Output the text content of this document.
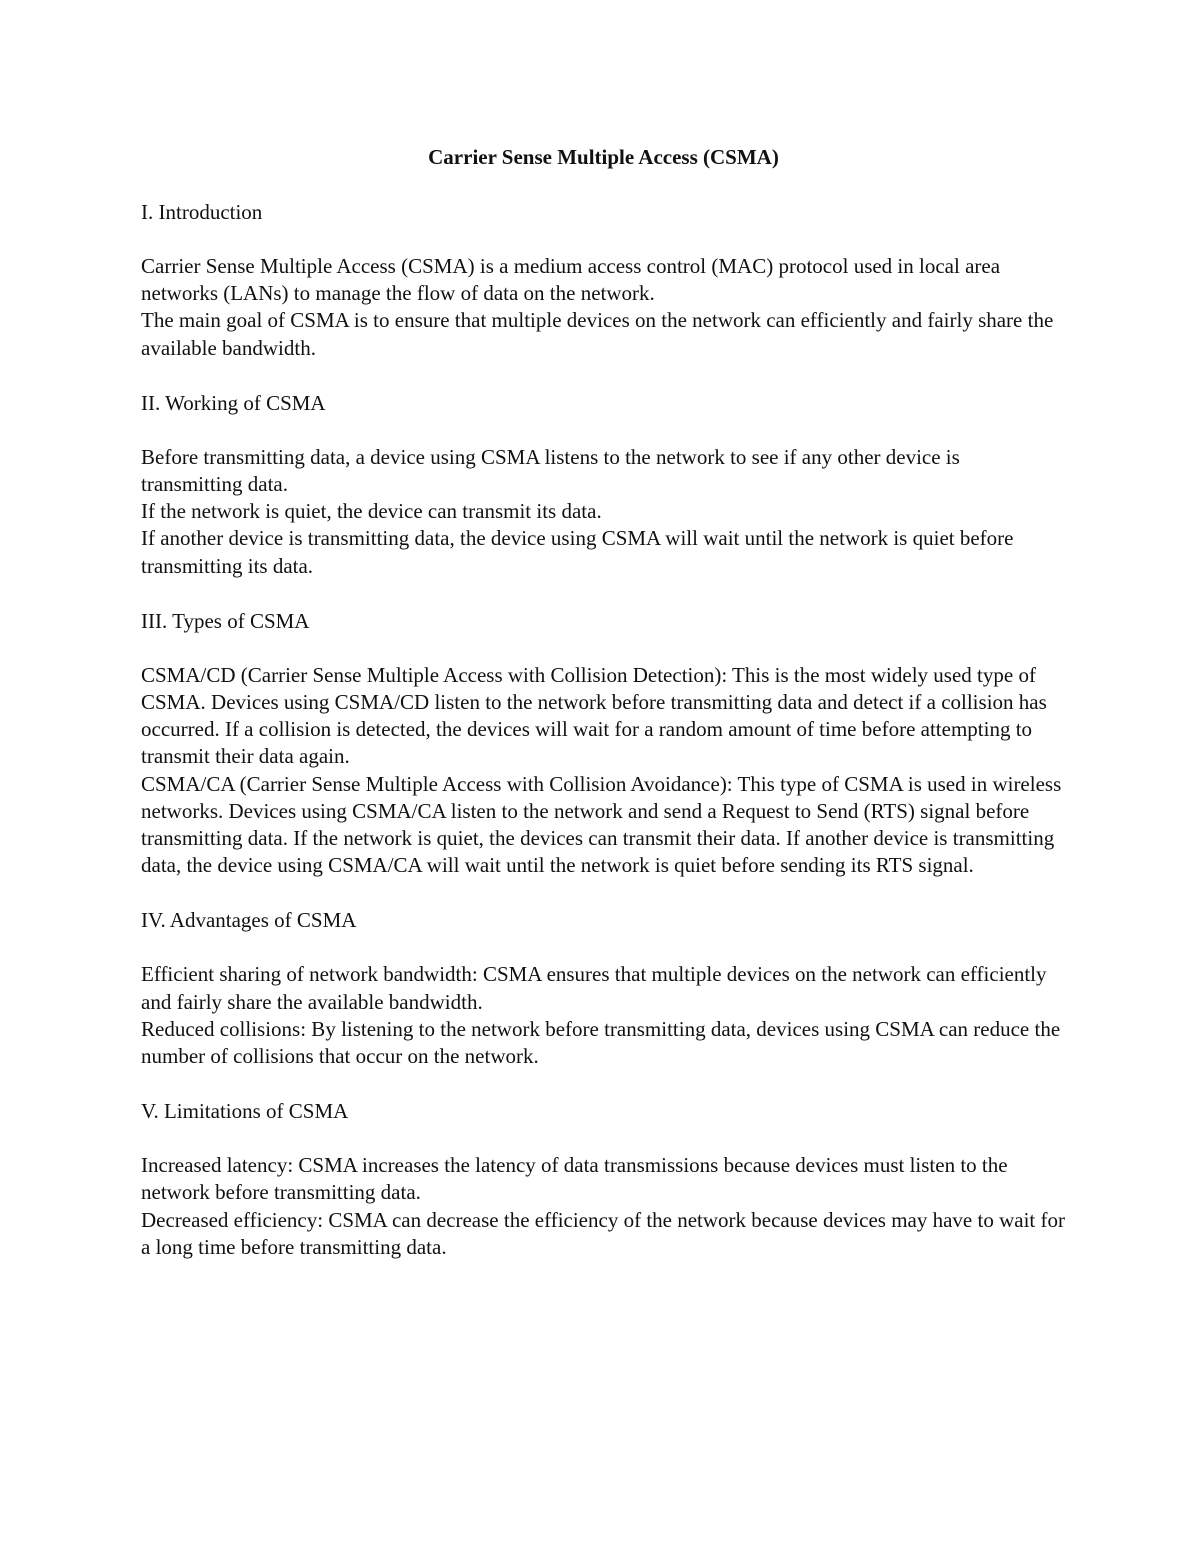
Carrier Sense Multiple Access (CSMA)
I. Introduction

Carrier Sense Multiple Access (CSMA) is a medium access control (MAC) protocol used in local area networks (LANs) to manage the flow of data on the network.

The main goal of CSMA is to ensure that multiple devices on the network can efficiently and fairly share the available bandwidth.

II. Working of CSMA

Before transmitting data, a device using CSMA listens to the network to see if any other device is transmitting data.

If the network is quiet, the device can transmit its data.

If another device is transmitting data, the device using CSMA will wait until the network is quiet before transmitting its data.

III. Types of CSMA

CSMA/CD (Carrier Sense Multiple Access with Collision Detection): This is the most widely used type of CSMA. Devices using CSMA/CD listen to the network before transmitting data and detect if a collision has occurred. If a collision is detected, the devices will wait for a random amount of time before attempting to transmit their data again.

CSMA/CA (Carrier Sense Multiple Access with Collision Avoidance): This type of CSMA is used in wireless networks. Devices using CSMA/CA listen to the network and send a Request to Send (RTS) signal before transmitting data. If the network is quiet, the devices can transmit their data. If another device is transmitting data, the device using CSMA/CA will wait until the network is quiet before sending its RTS signal.

IV. Advantages of CSMA

Efficient sharing of network bandwidth: CSMA ensures that multiple devices on the network can efficiently and fairly share the available bandwidth.

Reduced collisions: By listening to the network before transmitting data, devices using CSMA can reduce the number of collisions that occur on the network.

V. Limitations of CSMA

Increased latency: CSMA increases the latency of data transmissions because devices must listen to the network before transmitting data.

Decreased efficiency: CSMA can decrease the efficiency of the network because devices may have to wait for a long time before transmitting data.
